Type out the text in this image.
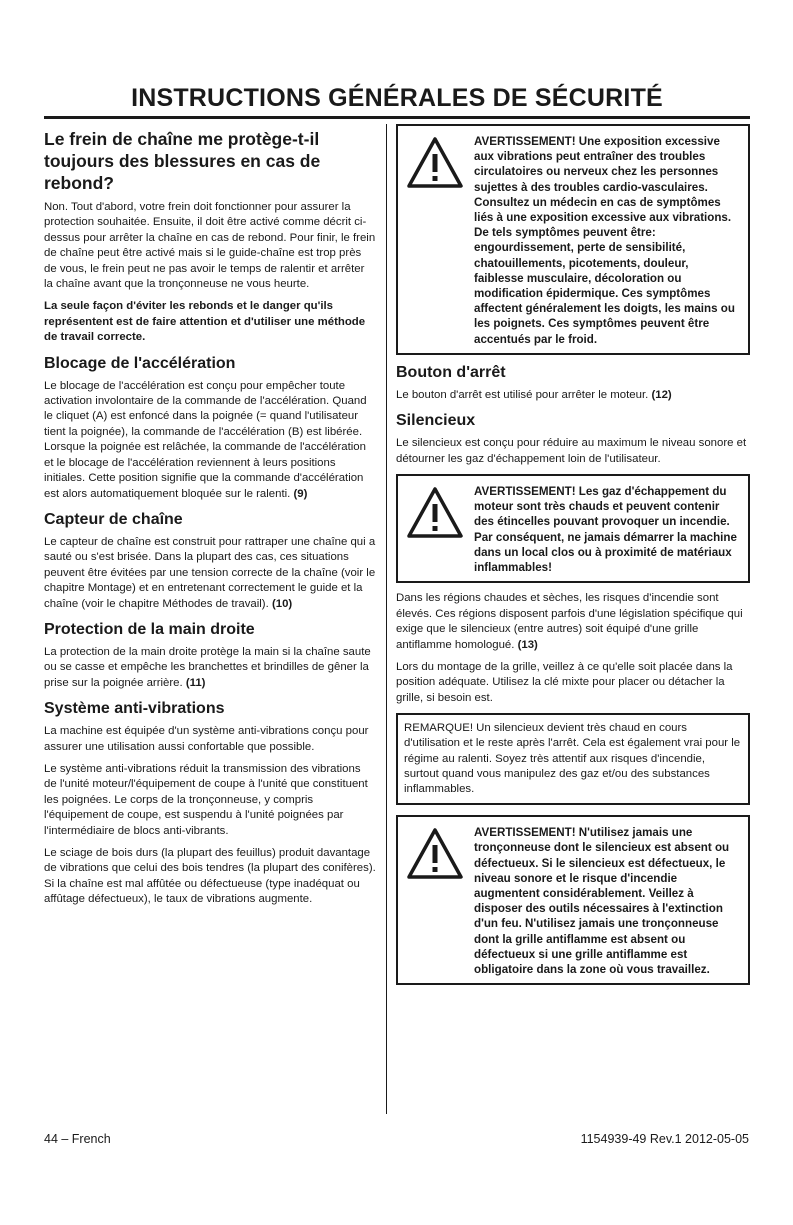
INSTRUCTIONS GÉNÉRALES DE SÉCURITÉ
Le frein de chaîne me protège-t-il toujours des blessures en cas de rebond?

Non. Tout d'abord, votre frein doit fonctionner pour assurer la protection souhaitée. Ensuite, il doit être activé comme décrit ci-dessus pour arrêter la chaîne en cas de rebond. Pour finir, le frein de chaîne peut être activé mais si le guide-chaîne est trop près de vous, le frein peut ne pas avoir le temps de ralentir et arrêter la chaîne avant que la tronçonneuse ne vous heurte.

La seule façon d'éviter les rebonds et le danger qu'ils représentent est de faire attention et d'utiliser une méthode de travail correcte.

Blocage de l'accélération

Le blocage de l'accélération est conçu pour empêcher toute activation involontaire de la commande de l'accélération. Quand le cliquet (A) est enfoncé dans la poignée (= quand l'utilisateur tient la poignée), la commande de l'accélération (B) est libérée. Lorsque la poignée est relâchée, la commande de l'accélération et le blocage de l'accélération reviennent à leurs positions initiales. Cette position signifie que la commande d'accélération est alors automatiquement bloquée sur le ralenti. (9)

Capteur de chaîne

Le capteur de chaîne est construit pour rattraper une chaîne qui a sauté ou s'est brisée. Dans la plupart des cas, ces situations peuvent être évitées par une tension correcte de la chaîne (voir le chapitre Montage) et en entretenant correctement le guide et la chaîne (voir le chapitre Méthodes de travail). (10)

Protection de la main droite

La protection de la main droite protège la main si la chaîne saute ou se casse et empêche les branchettes et brindilles de gêner la prise sur la poignée arrière. (11)

Système anti-vibrations

La machine est équipée d'un système anti-vibrations conçu pour assurer une utilisation aussi confortable que possible.

Le système anti-vibrations réduit la transmission des vibrations de l'unité moteur/l'équipement de coupe à l'unité que constituent les poignées. Le corps de la tronçonneuse, y compris l'équipement de coupe, est suspendu à l'unité poignées par l'intermédiaire de blocs anti-vibrants.

Le sciage de bois durs (la plupart des feuillus) produit davantage de vibrations que celui des bois tendres (la plupart des conifères). Si la chaîne est mal affûtée ou défectueuse (type inadéquat ou affûtage défectueux), le taux de vibrations augmente.

AVERTISSEMENT! Une exposition excessive aux vibrations peut entraîner des troubles circulatoires ou nerveux chez les personnes sujettes à des troubles cardio-vasculaires. Consultez un médecin en cas de symptômes liés à une exposition excessive aux vibrations. De tels symptômes peuvent être: engourdissement, perte de sensibilité, chatouillements, picotements, douleur, faiblesse musculaire, décoloration ou modification épidermique. Ces symptômes affectent généralement les doigts, les mains ou les poignets. Ces symptômes peuvent être accentués par le froid.
Bouton d'arrêt

Le bouton d'arrêt est utilisé pour arrêter le moteur. (12)

Silencieux

Le silencieux est conçu pour réduire au maximum le niveau sonore et détourner les gaz d'échappement loin de l'utilisateur.

AVERTISSEMENT! Les gaz d'échappement du moteur sont très chauds et peuvent contenir des étincelles pouvant provoquer un incendie. Par conséquent, ne jamais démarrer la machine dans un local clos ou à proximité de matériaux inflammables!

Dans les régions chaudes et sèches, les risques d'incendie sont élevés. Ces régions disposent parfois d'une législation spécifique qui exige que le silencieux (entre autres) soit équipé d'une grille antiflamme homologué. (13)

Lors du montage de la grille, veillez à ce qu'elle soit placée dans la position adéquate. Utilisez la clé mixte pour placer ou détacher la grille, si besoin est.

REMARQUE! Un silencieux devient très chaud en cours d'utilisation et le reste après l'arrêt. Cela est également vrai pour le régime au ralenti. Soyez très attentif aux risques d'incendie, surtout quand vous manipulez des gaz et/ou des substances inflammables.

AVERTISSEMENT! N'utilisez jamais une tronçonneuse dont le silencieux est absent ou défectueux. Si le silencieux est défectueux, le niveau sonore et le risque d'incendie augmentent considérablement. Veillez à disposer des outils nécessaires à l'extinction d'un feu. N'utilisez jamais une tronçonneuse dont la grille antiflamme est absent ou défectueux si une grille antiflamme est obligatoire dans la zone où vous travaillez.
44 – French	1154939-49 Rev.1 2012-05-05
